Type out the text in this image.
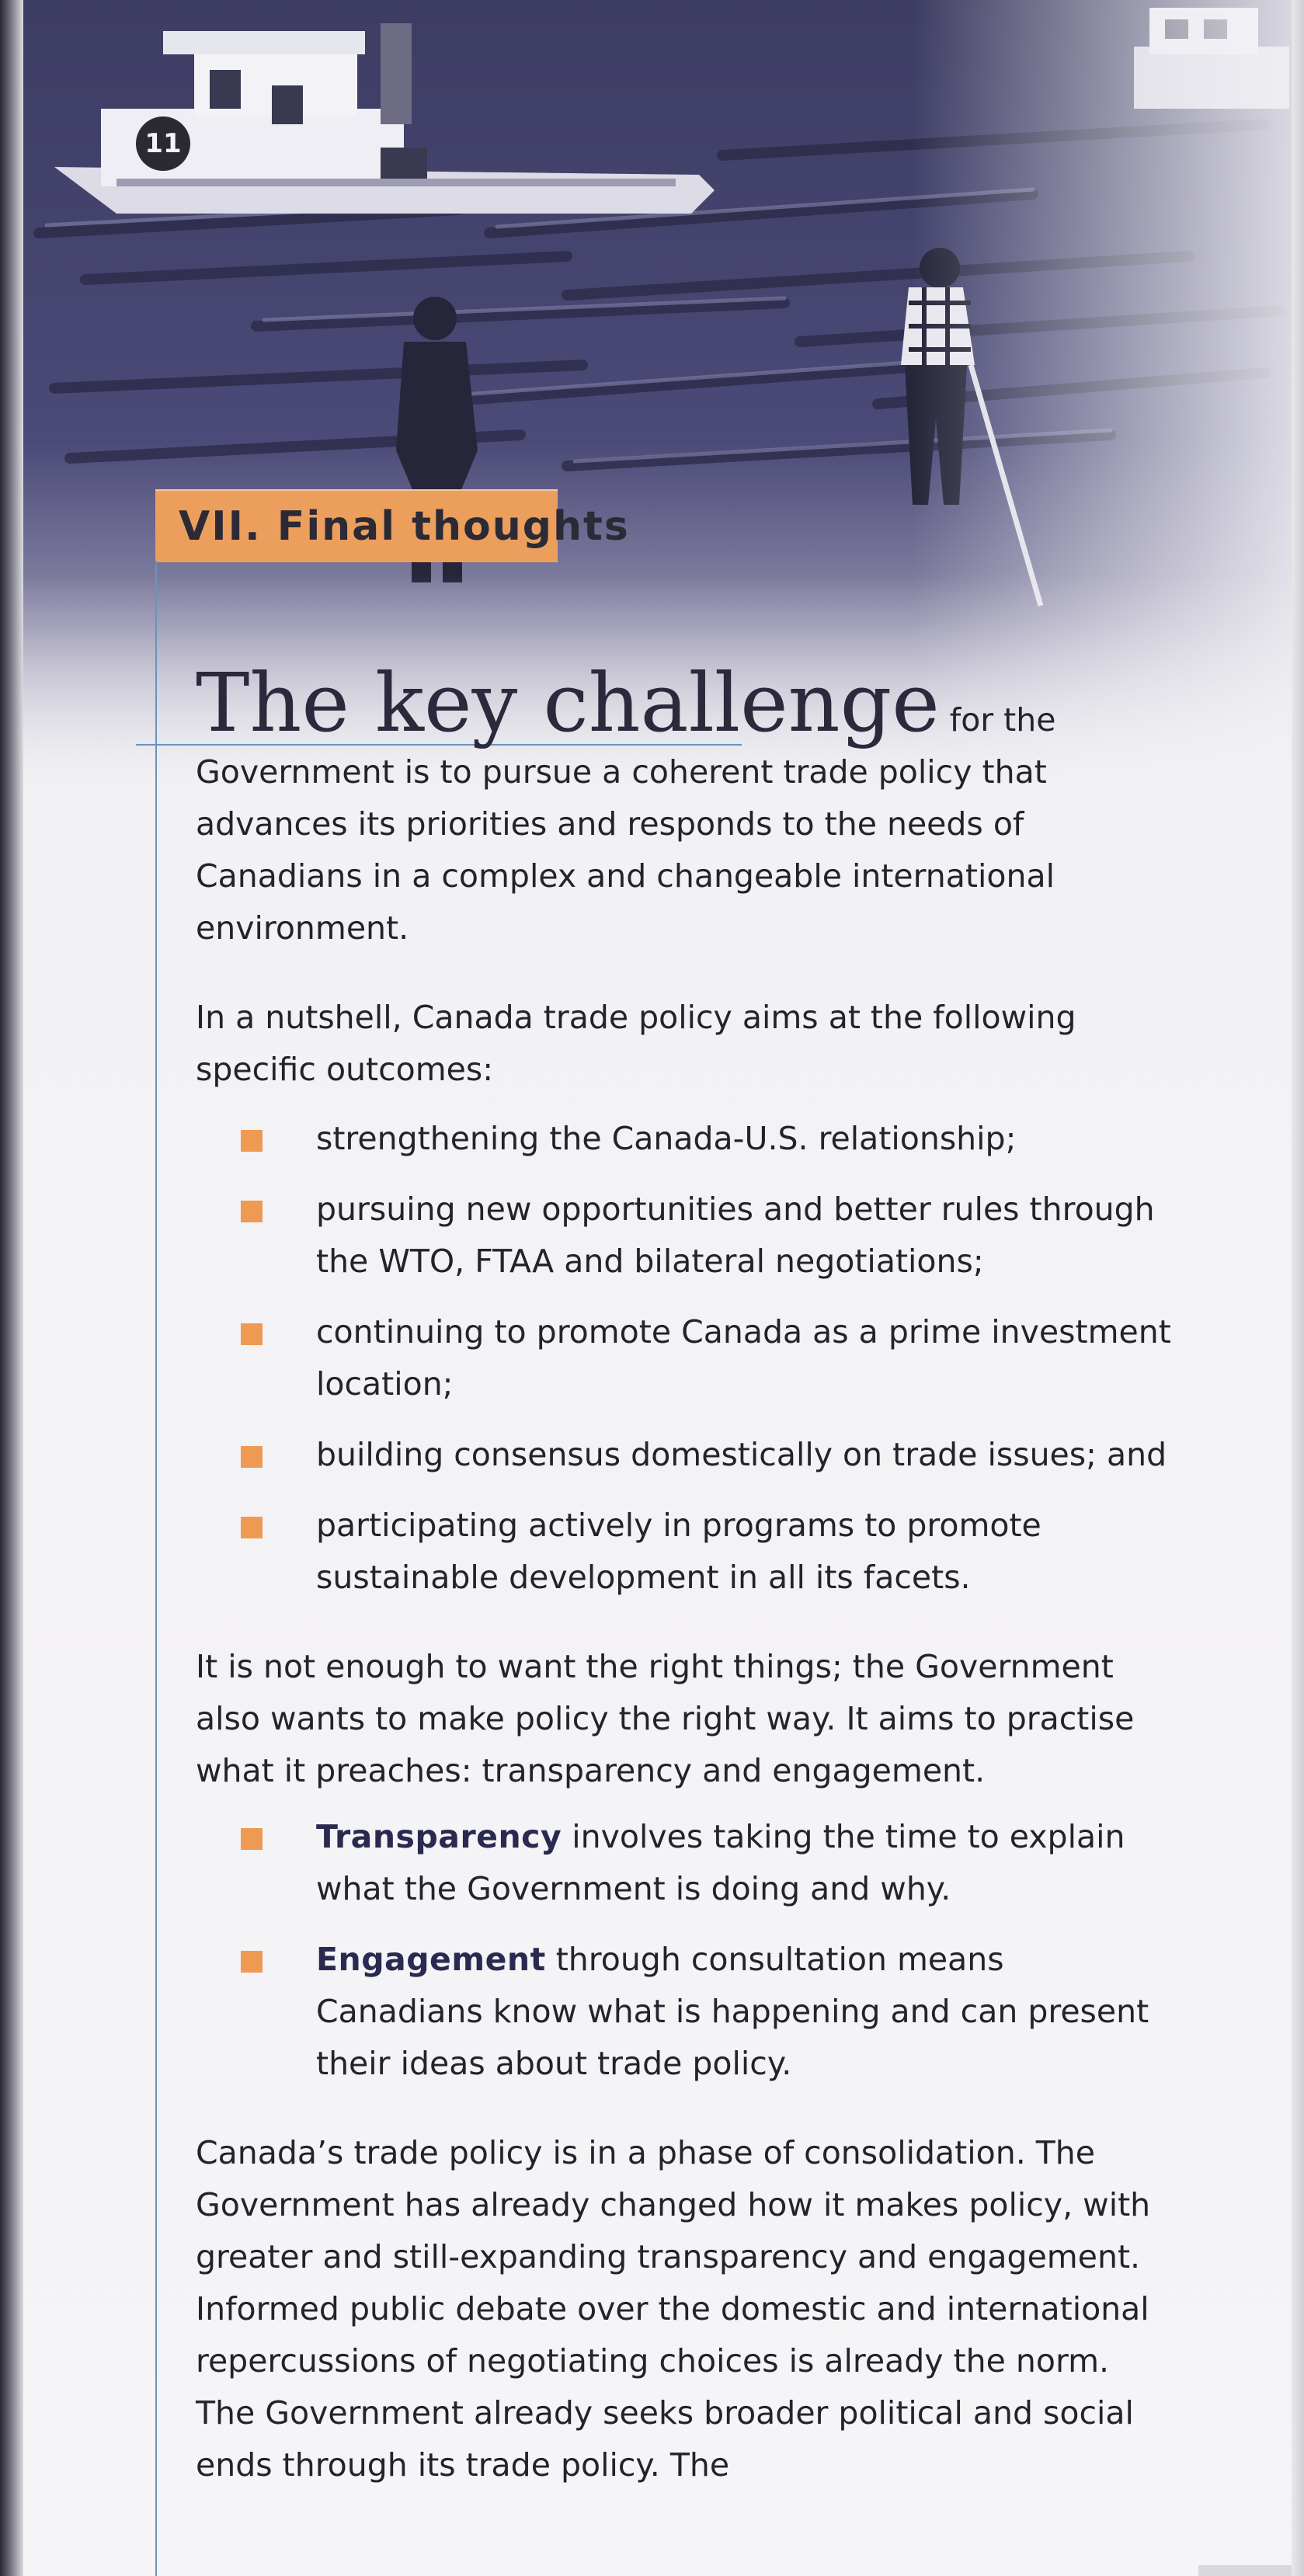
11
VII. Final thoughts

The key challenge for the Government is to pursue a coherent trade policy that advances its priorities and responds to the needs of Canadians in a complex and changeable international environment.

In a nutshell, Canada trade policy aims at the following specific outcomes:

strengthening the Canada-U.S. relationship;
pursuing new opportunities and better rules through the WTO, FTAA and bilateral negotiations;
continuing to promote Canada as a prime investment location;
building consensus domestically on trade issues; and
participating actively in programs to promote sustainable development in all its facets.

It is not enough to want the right things; the Government also wants to make policy the right way. It aims to practise what it preaches: transparency and engagement.

Transparency involves taking the time to explain what the Government is doing and why.
Engagement through consultation means Canadians know what is happening and can present their ideas about trade policy.

Canada’s trade policy is in a phase of consolidation. The Government has already changed how it makes policy, with greater and still-expanding transparency and engagement. Informed public debate over the domestic and international repercussions of negotiating choices is already the norm. The Government already seeks broader political and social ends through its trade policy. The
